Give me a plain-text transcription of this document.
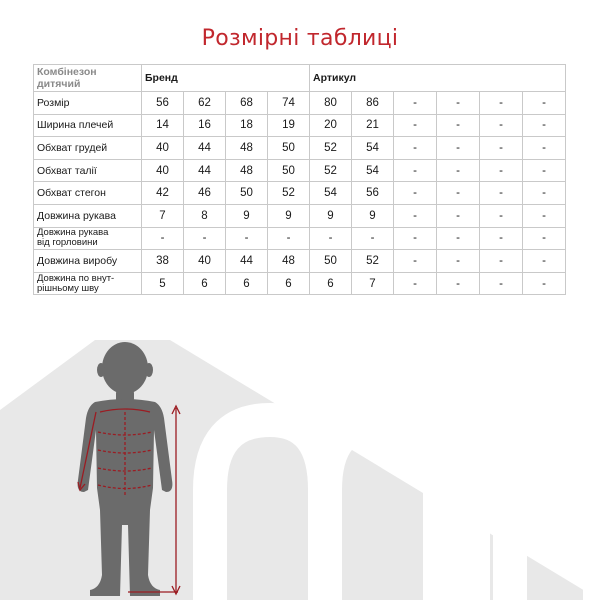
Розмірні таблиці
Комбінезон дитячий	Бренд				Артикул					
Розмір	56	62	68	74	80	86	-	-	-	-
Ширина плечей	14	16	18	19	20	21	-	-	-	-
Обхват грудей	40	44	48	50	52	54	-	-	-	-
Обхват талії	40	44	48	50	52	54	-	-	-	-
Обхват стегон	42	46	50	52	54	56	-	-	-	-
Довжина рукава	7	8	9	9	9	9	-	-	-	-

Довжина рукава
від горловини	-	-	-	-	-	-	-	-	-	-
Довжина виробу	38	40	44	48	50	52	-	-	-	-

Довжина по внут-
рішньому шву	5	6	6	6	6	7	-	-	-	-
